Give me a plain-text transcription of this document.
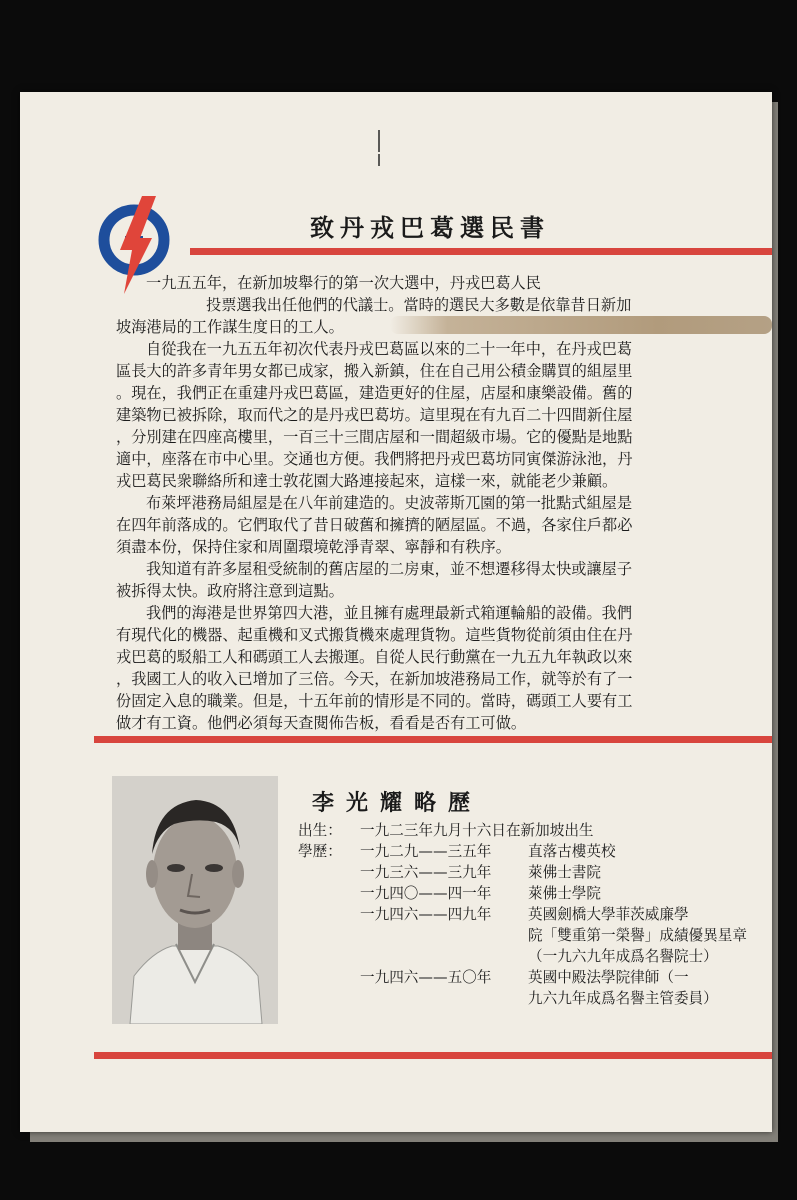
致丹戎巴葛選民書
一九五五年，在新加坡舉行的第一次大選中，丹戎巴葛人民
投票選我出任他們的代議士。當時的選民大多數是依靠昔日新加
坡海港局的工作謀生度日的工人。
自從我在一九五五年初次代表丹戎巴葛區以來的二十一年中，在丹戎巴葛
區長大的許多青年男女都已成家，搬入新鎮，住在自己用公積金購買的組屋里
。現在，我們正在重建丹戎巴葛區，建造更好的住屋，店屋和康樂設備。舊的
建築物已被拆除，取而代之的是丹戎巴葛坊。這里現在有九百二十四間新住屋
，分別建在四座高樓里，一百三十三間店屋和一間超級市場。它的優點是地點
適中，座落在市中心里。交通也方便。我們將把丹戎巴葛坊同寅傑游泳池，丹
戎巴葛民衆聯絡所和達士敦花園大路連接起來，這樣一來，就能老少兼顧。
布萊坪港務局組屋是在八年前建造的。史波蒂斯兀園的第一批點式組屋是
在四年前落成的。它們取代了昔日破舊和擁擠的陋屋區。不過，各家住戶都必
須盡本份，保持住家和周圍環境乾淨青翠、寧靜和有秩序。
我知道有許多屋租受統制的舊店屋的二房東，並不想遷移得太快或讓屋子
被拆得太快。政府將注意到這點。
我們的海港是世界第四大港，並且擁有處理最新式箱運輪船的設備。我們
有現代化的機器、起重機和叉式搬貨機來處理貨物。這些貨物從前須由住在丹
戎巴葛的駁船工人和碼頭工人去搬運。自從人民行動黨在一九五九年執政以來
，我國工人的收入已增加了三倍。今天，在新加坡港務局工作，就等於有了一
份固定入息的職業。但是，十五年前的情形是不同的。當時，碼頭工人要有工
做才有工資。他們必須每天查閱佈告板，看看是否有工可做。
李光耀略歷
出生：	一九二三年九月十六日在新加坡出生
學歷：	一九二九——三五年	直落古樓英校
一九三六——三九年	萊佛士書院
一九四〇——四一年	萊佛士學院
一九四六——四九年	英國劍橋大學菲茨威廉學
院「雙重第一榮譽」成績優異星章
（一九六九年成爲名譽院士）
一九四六——五〇年	英國中殿法學院律師（一
九六九年成爲名譽主管委員）
